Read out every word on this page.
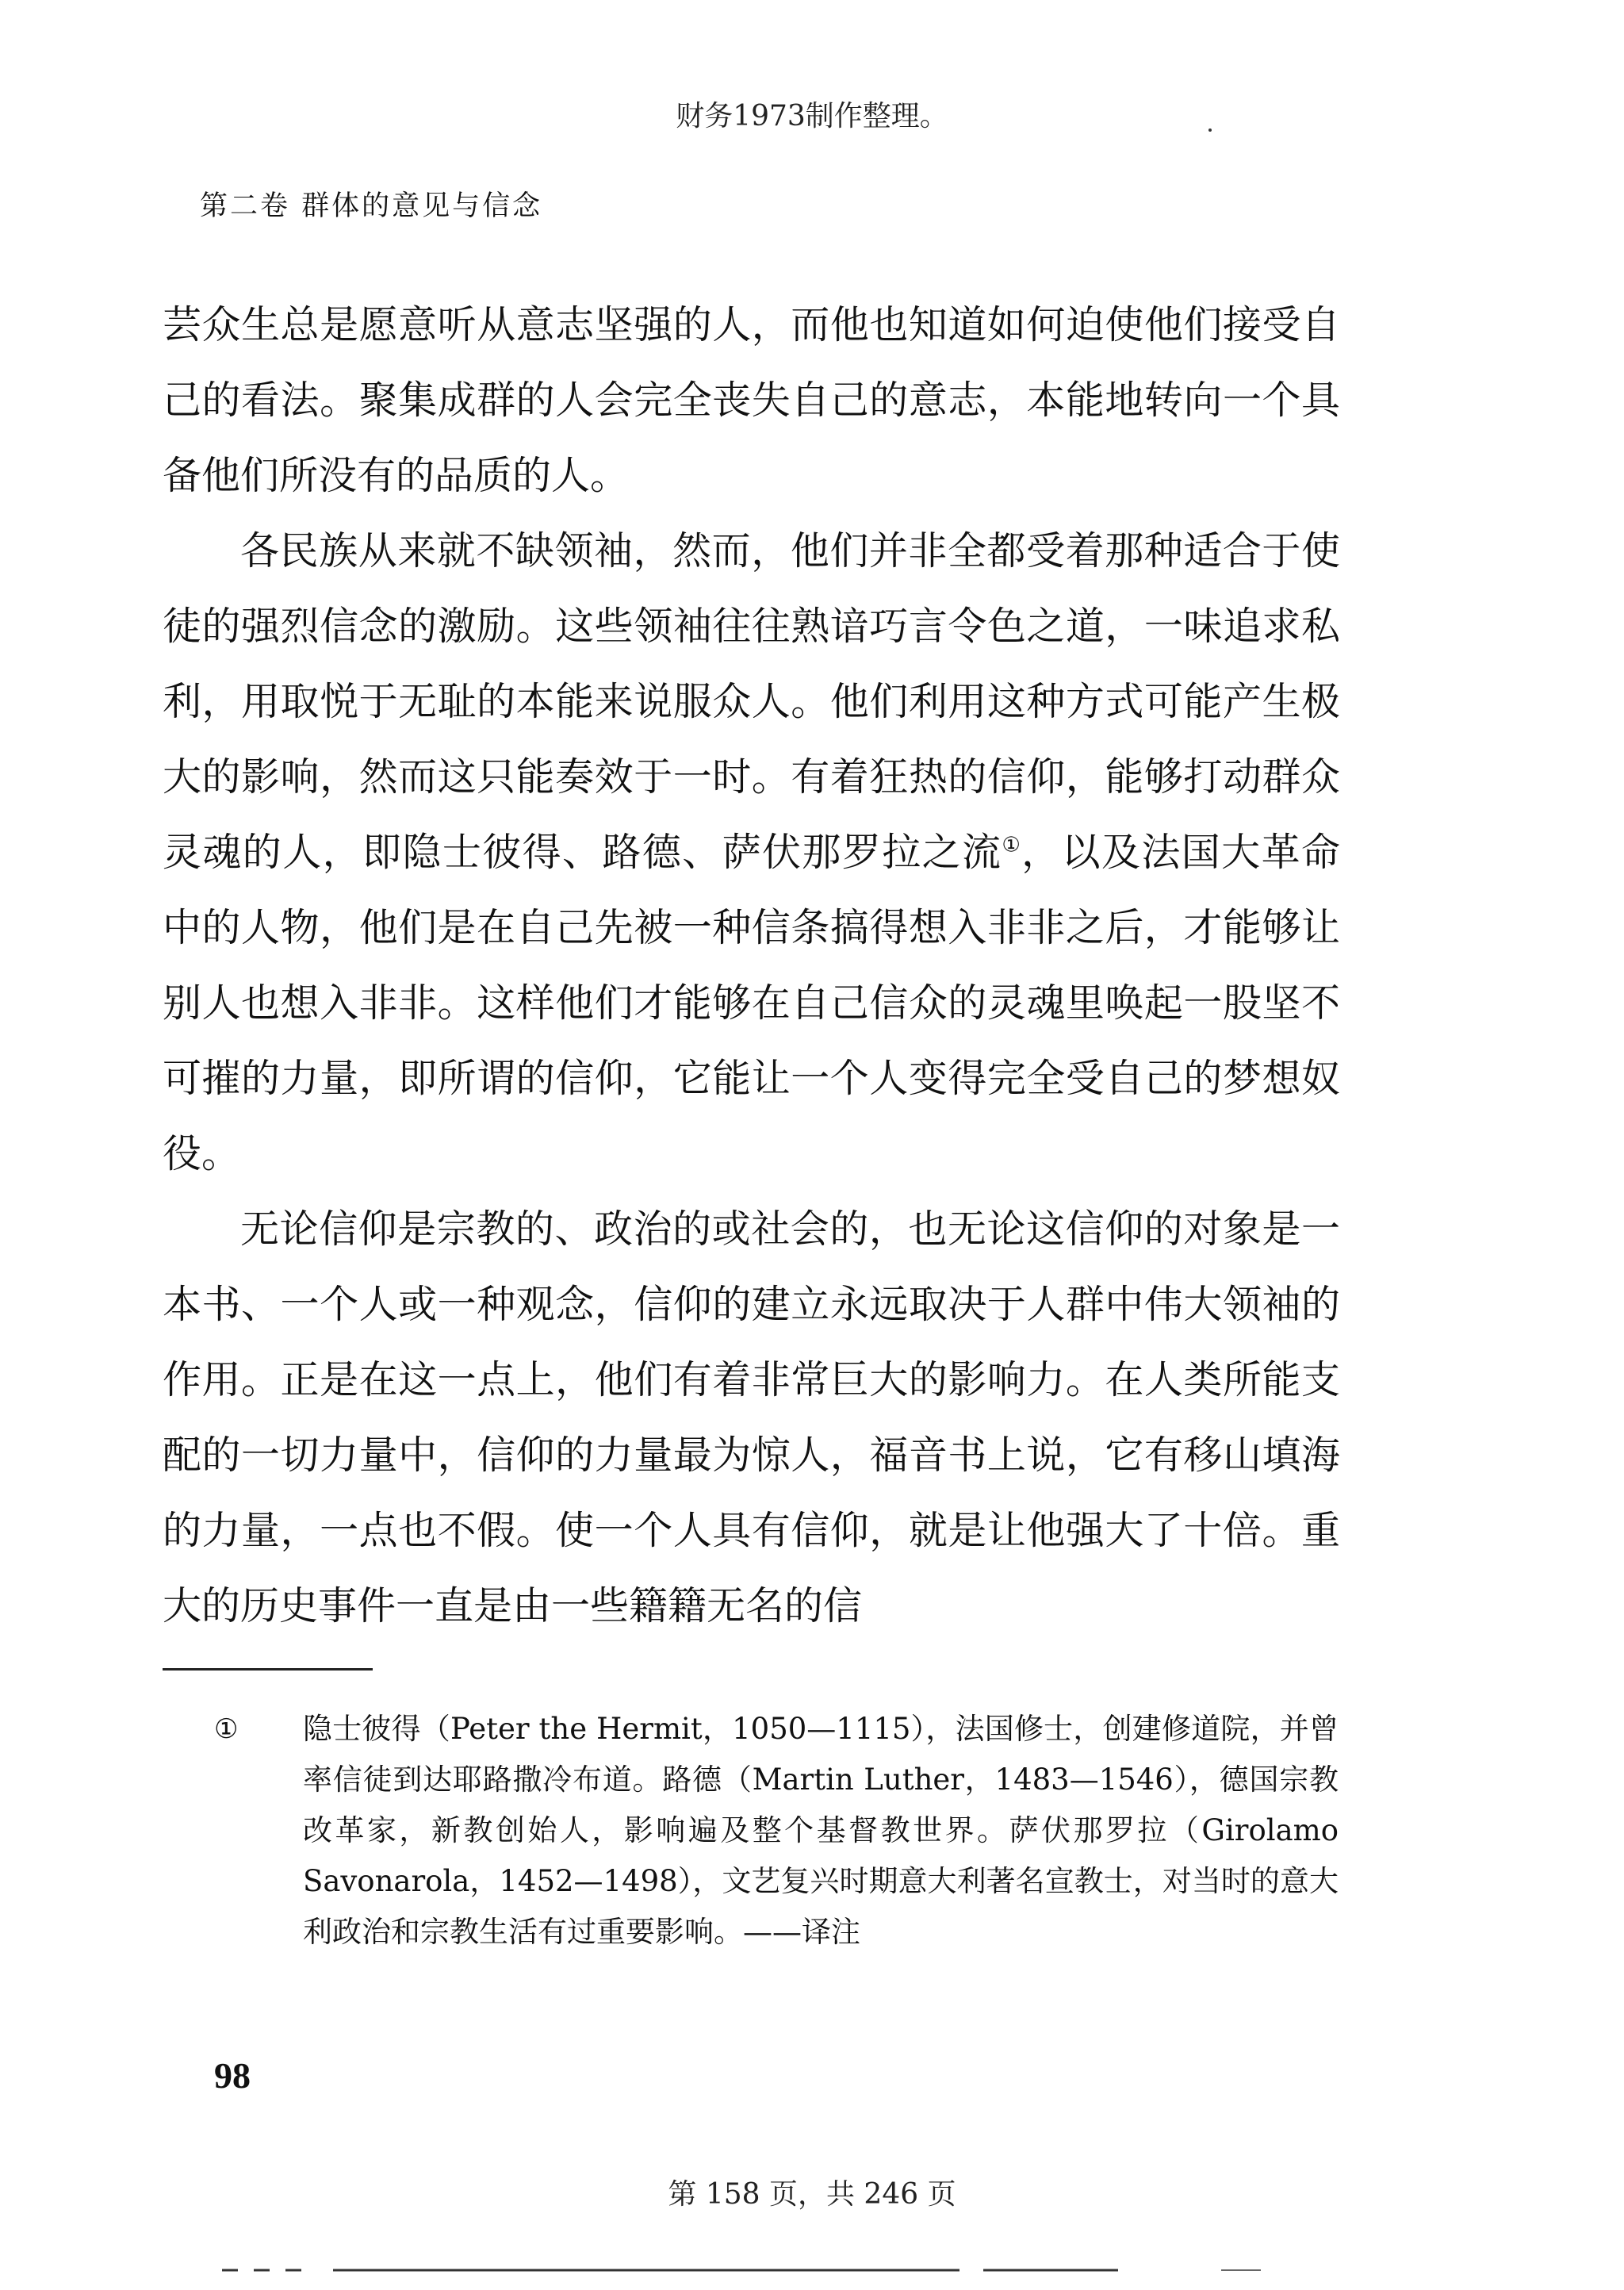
财务1973制作整理。
第二卷 群体的意见与信念

芸众生总是愿意听从意志坚强的人，而他也知道如何迫使他们接受自己的看法。聚集成群的人会完全丧失自己的意志，本能地转向一个具备他们所没有的品质的人。

各民族从来就不缺领袖，然而，他们并非全都受着那种适合于使徒的强烈信念的激励。这些领袖往往熟谙巧言令色之道，一味追求私利，用取悦于无耻的本能来说服众人。他们利用这种方式可能产生极大的影响，然而这只能奏效于一时。有着狂热的信仰，能够打动群众灵魂的人，即隐士彼得、路德、萨伏那罗拉之流①，以及法国大革命中的人物，他们是在自己先被一种信条搞得想入非非之后，才能够让别人也想入非非。这样他们才能够在自己信众的灵魂里唤起一股坚不可摧的力量，即所谓的信仰，它能让一个人变得完全受自己的梦想奴役。

无论信仰是宗教的、政治的或社会的，也无论这信仰的对象是一本书、一个人或一种观念，信仰的建立永远取决于人群中伟大领袖的作用。正是在这一点上，他们有着非常巨大的影响力。在人类所能支配的一切力量中，信仰的力量最为惊人，福音书上说，它有移山填海的力量，一点也不假。使一个人具有信仰，就是让他强大了十倍。重大的历史事件一直是由一些籍籍无名的信

①	隐士彼得（Peter the Hermit，1050—1115），法国修士，创建修道院，并曾率信徒到达耶路撒冷布道。路德（Martin Luther，1483—1546），德国宗教改革家，新教创始人，影响遍及整个基督教世界。萨伏那罗拉（Girolamo Savonarola，1452—1498），文艺复兴时期意大利著名宣教士，对当时的意大利政治和宗教生活有过重要影响。——译注
98
第 158 页，共 246 页
